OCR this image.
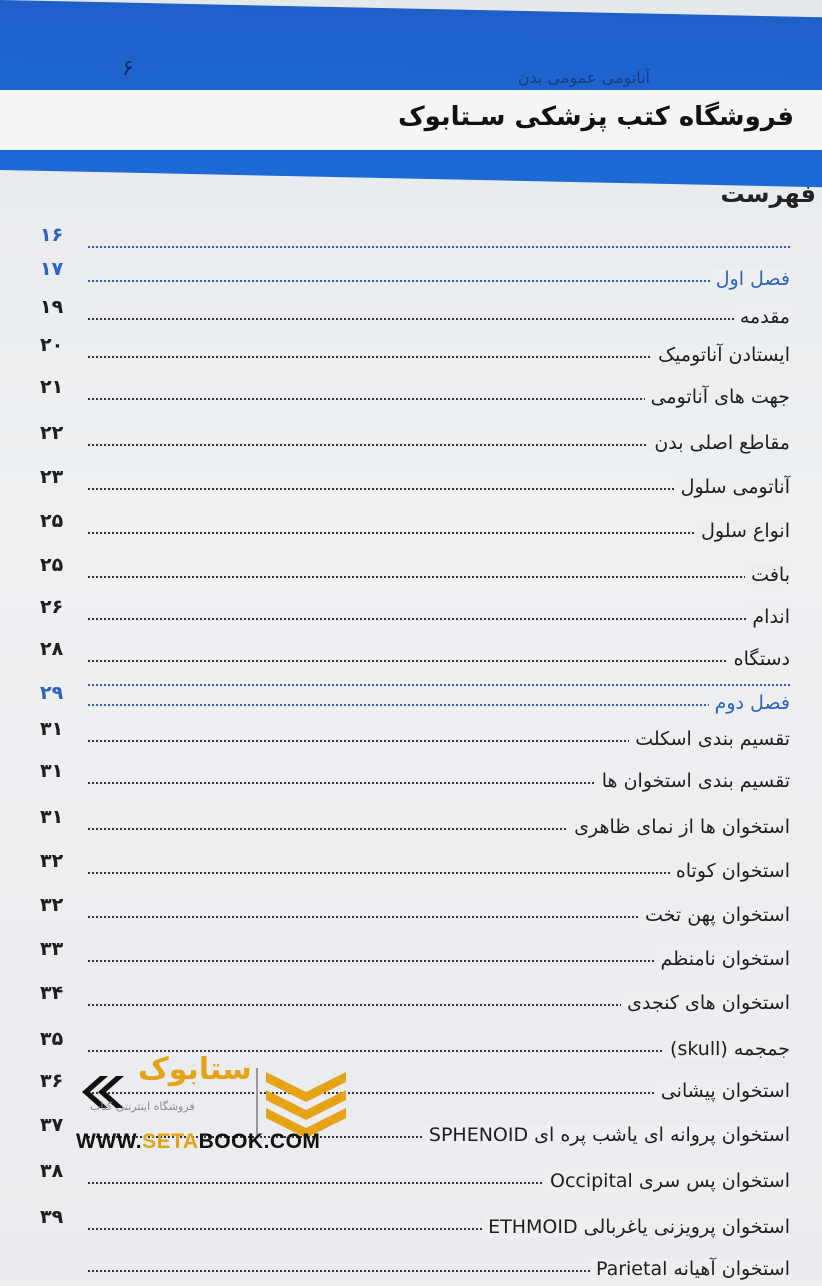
۶	آناتومی عمومی بدن
فروشگاه کتب پزشکی سـتابوک
فهرست
۱۶
۱۷	فصل اول
۱۹	مقدمه
۲۰	ایستادن آناتومیک
۲۱	جهت های آناتومی
۲۲	مقاطع اصلی بدن
۲۳	آناتومی سلول
۲۵	انواع سلول
۲۵	بافت
۲۶	اندام
۲۸	دستگاه
۲۹	فصل دوم
۳۱	تقسیم بندی اسکلت
۳۱	تقسیم بندی استخوان ها
۳۱	استخوان ها از نمای ظاهری
۳۲	استخوان کوتاه
۳۲	استخوان پهن تخت
۳۳	استخوان نامنظم
۳۴	استخوان های کنجدی
۳۵	جمجمه (skull)
۳۶	استخوان پیشانی
۳۷	استخوان پروانه ای یاشب پره ای SPHENOID
۳۸	استخوان پس سری Occipital
۳۹	استخوان پرویزنی یاغربالی ETHMOID
استخوان آهیانه Parietal
ستابوک
فروشگاه اینترنتی کتاب
WWW.SETABOOK.COM
